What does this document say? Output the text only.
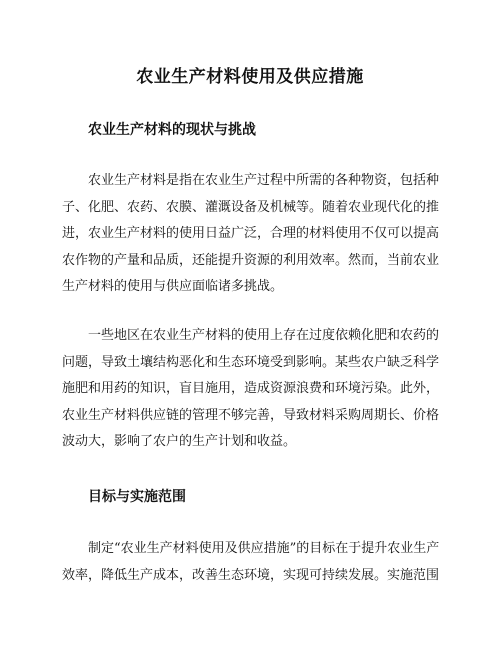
农业生产材料使用及供应措施
农业生产材料的现状与挑战

农业生产材料是指在农业生产过程中所需的各种物资，包括种
子、化肥、农药、农膜、灌溉设备及机械等。随着农业现代化的推
进，农业生产材料的使用日益广泛，合理的材料使用不仅可以提高
农作物的产量和品质，还能提升资源的利用效率。然而，当前农业
生产材料的使用与供应面临诸多挑战。

一些地区在农业生产材料的使用上存在过度依赖化肥和农药的
问题，导致土壤结构恶化和生态环境受到影响。某些农户缺乏科学
施肥和用药的知识，盲目施用，造成资源浪费和环境污染。此外，
农业生产材料供应链的管理不够完善，导致材料采购周期长、价格
波动大，影响了农户的生产计划和收益。

目标与实施范围

制定“农业生产材料使用及供应措施”的目标在于提升农业生产
效率，降低生产成本，改善生态环境，实现可持续发展。实施范围
